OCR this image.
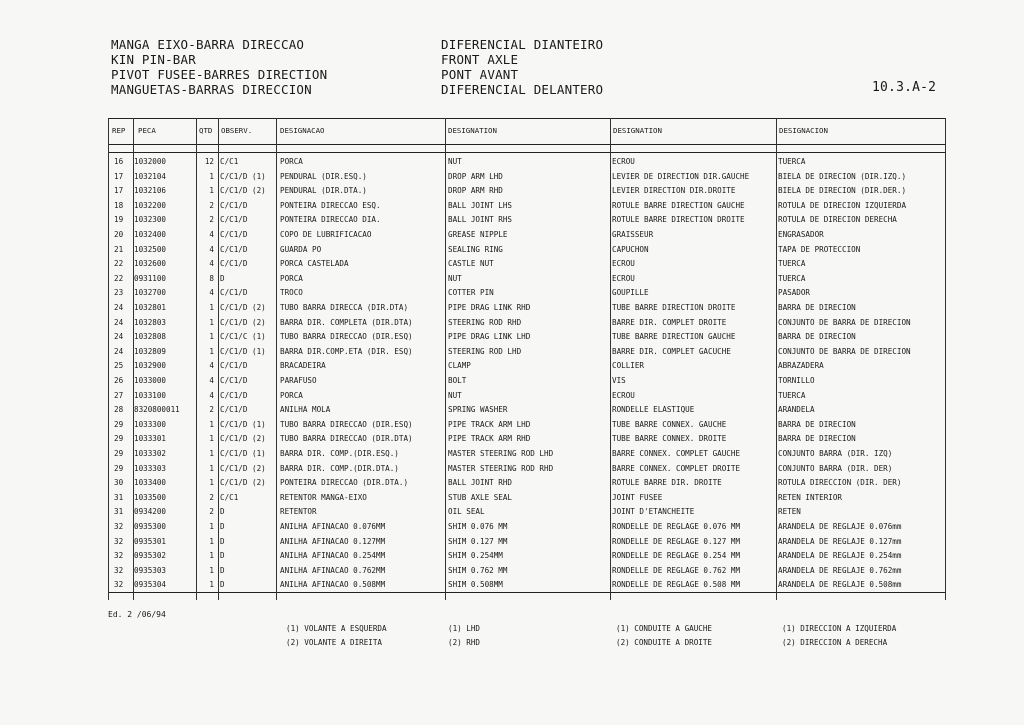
MANGA EIXO-BARRA DIRECCAO
KIN PIN-BAR
PIVOT FUSEE-BARRES DIRECTION
MANGUETAS-BARRAS DIRECCION
DIFERENCIAL DIANTEIRO
FRONT AXLE
PONT AVANT
DIFERENCIAL DELANTERO	10.3.A-2
REP PECA	QTD OBSERV.	DESIGNACAO	DESIGNATION	DESIGNATION	DESIGNACION
16	1032000	12 C/C1	PORCA	NUT	ECROU	TUERCA
17	1032104	1 C/C1/D (1)	PENDURAL (DIR.ESQ.)	DROP ARM LHD	LEVIER DE DIRECTION DIR.GAUCHE	BIELA DE DIRECION (DIR.IZQ.)
17	1032106	1 C/C1/D (2)	PENDURAL (DIR.DTA.)	DROP ARM RHD	LEVIER DIRECTION DIR.DROITE	BIELA DE DIRECION (DIR.DER.)
18	1032200	2 C/C1/D	PONTEIRA DIRECCAO ESQ.	BALL JOINT LHS	ROTULE BARRE DIRECTION GAUCHE	ROTULA DE DIRECION IZQUIERDA
19	1032300	2 C/C1/D	PONTEIRA DIRECCAO DIA.	BALL JOINT RHS	ROTULE BARRE DIRECTION DROITE	ROTULA DE DIRECION DERECHA
20	1032400	4 C/C1/D	COPO DE LUBRIFICACAO	GREASE NIPPLE	GRAISSEUR	ENGRASADOR
21	1032500	4 C/C1/D	GUARDA PO	SEALING RING	CAPUCHON	TAPA DE PROTECCION
22	1032600	4 C/C1/D	PORCA CASTELADA	CASTLE NUT	ECROU	TUERCA
22	0931100	8 D	PORCA	NUT	ECROU	TUERCA
23	1032700	4 C/C1/D	TROCO	COTTER PIN	GOUPILLE	PASADOR
24	1032801	1 C/C1/D (2)	TUBO BARRA DIRECCA (DIR.DTA)	PIPE DRAG LINK RHD	TUBE BARRE DIRECTION DROITE	BARRA DE DIRECION
24	1032803	1 C/C1/D (2)	BARRA DIR. COMPLETA (DIR.DTA)	STEERING ROD RHD	BARRE DIR. COMPLET DROITE	CONJUNTO DE BARRA DE DIRECION
24	1032808	1 C/C1/C (1)	TUBO BARRA DIRECCAO (DIR.ESQ)	PIPE DRAG LINK LHD	TUBE BARRE DIRECTION GAUCHE	BARRA DE DIRECION
24	1032809	1 C/C1/D (1)	BARRA DIR.COMP.ETA (DIR. ESQ)	STEERING ROD LHD	BARRE DIR. COMPLET GACUCHE	CONJUNTO DE BARRA DE DIRECION
25	1032900	4 C/C1/D	BRACADEIRA	CLAMP	COLLIER	ABRAZADERA
26	1033000	4 C/C1/D	PARAFUSO	BOLT	VIS	TORNILLO
27	1033100	4 C/C1/D	PORCA	NUT	ECROU	TUERCA
28	8320800011	2 C/C1/D	ANILHA MOLA	SPRING WASHER	RONDELLE ELASTIQUE	ARANDELA
29	1033300	1 C/C1/D (1)	TUBO BARRA DIRECCAO (DIR.ESQ)	PIPE TRACK ARM LHD	TUBE BARRE CONNEX. GAUCHE	BARRA DE DIRECION
29	1033301	1 C/C1/D (2)	TUBO BARRA DIRECCAO (DIR.DTA)	PIPE TRACK ARM RHD	TUBE BARRE CONNEX. DROITE	BARRA DE DIRECION
29	1033302	1 C/C1/D (1)	BARRA DIR. COMP.(DIR.ESQ.)	MASTER STEERING ROD LHD	BARRE CONNEX. COMPLET GAUCHE	CONJUNTO BARRA (DIR. IZQ)
29	1033303	1 C/C1/D (2)	BARRA DIR. COMP.(DIR.DTA.)	MASTER STEERING ROD RHD	BARRE CONNEX. COMPLET DROITE	CONJUNTO BARRA (DIR. DER)
30	1033400	1 C/C1/D (2)	PONTEIRA DIRECCAO (DIR.DTA.)	BALL JOINT RHD	ROTULE BARRE DIR. DROITE	ROTULA DIRECCION (DIR. DER)
31	1033500	2 C/C1	RETENTOR MANGA-EIXO	STUB AXLE SEAL	JOINT FUSEE	RETEN INTERIOR
31	0934200	2 D	RETENTOR	OIL SEAL	JOINT D'ETANCHEITE	RETEN
32	0935300	1 D	ANILHA AFINACAO 0.076MM	SHIM 0.076 MM	RONDELLE DE REGLAGE 0.076 MM	ARANDELA DE REGLAJE 0.076mm
32	0935301	1 D	ANILHA AFINACAO 0.127MM	SHIM 0.127 MM	RONDELLE DE REGLAGE 0.127 MM	ARANDELA DE REGLAJE 0.127mm
32	0935302	1 D	ANILHA AFINACAO 0.254MM	SHIM 0.254MM	RONDELLE DE REGLAGE 0.254 MM	ARANDELA DE REGLAJE 0.254mm
32	0935303	1 D	ANILHA AFINACAO 0.762MM	SHIM 0.762 MM	RONDELLE DE REGLAGE 0.762 MM	ARANDELA DE REGLAJE 0.762mm
32	0935304	1 D	ANILHA AFINACAO 0.508MM	SHIM 0.508MM	RONDELLE DE REGLAGE 0.508 MM	ARANDELA DE REGLAJE 0.508mm
Ed. 2 /06/94
(1) VOLANTE A ESQUERDA
(2) VOLANTE A DIREITA
(1) LHD
(2) RHD
(1) CONDUITE A GAUCHE
(2) CONDUITE A DROITE
(1) DIRECCION A IZQUIERDA
(2) DIRECCION A DERECHA
